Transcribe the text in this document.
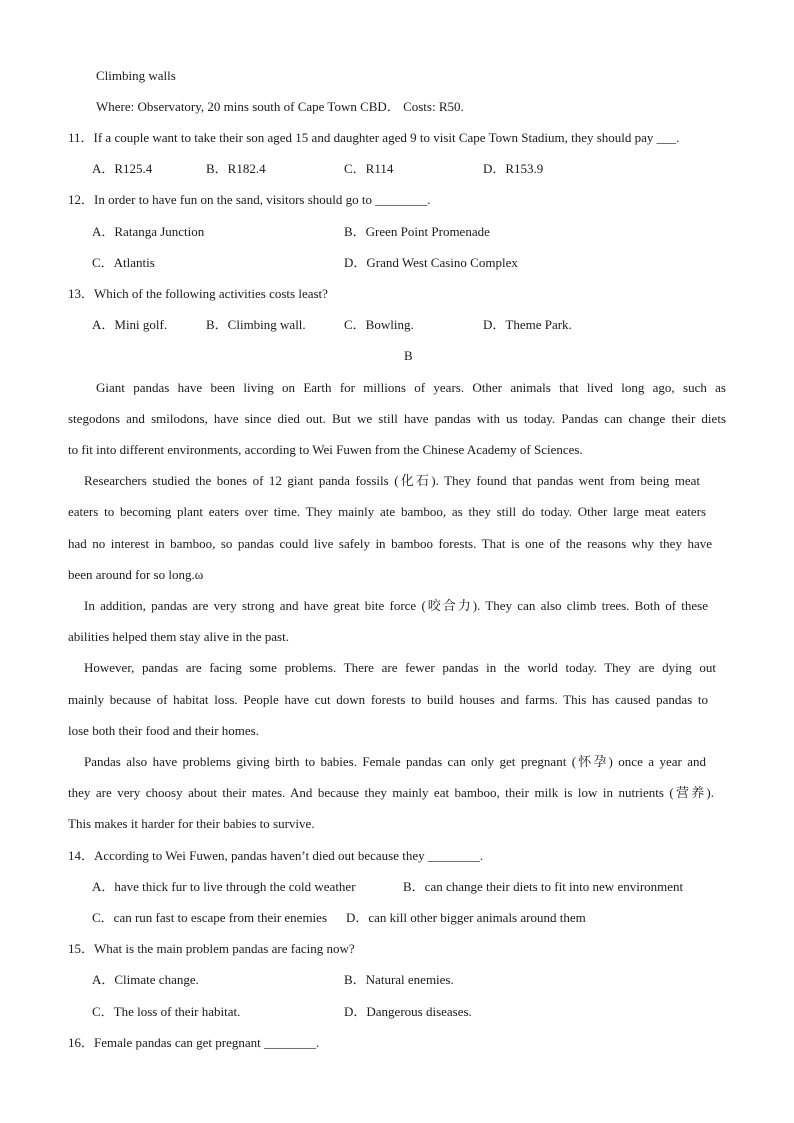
Climbing walls
Where: Observatory, 20 mins south of Cape Town CBD． Costs: R50.
11．If a couple want to take their son aged 15 and daughter aged 9 to visit Cape Town Stadium, they should pay ___.
A．R125.4	B．R182.4	C．R114	D．R153.9
12．In order to have fun on the sand, visitors should go to ________.
A．Ratanga Junction	B．Green Point Promenade
C．Atlantis	D．Grand West Casino Complex
13．Which of the following activities costs least?
A．Mini golf.	B．Climbing wall.	C．Bowling.	D．Theme Park.
B
Giant pandas have been living on Earth for millions of years. Other animals that lived long ago, such as
stegodons and smilodons, have since died out. But we still have pandas with us today. Pandas can change their diets
to fit into different environments, according to Wei Fuwen from the Chinese Academy of Sciences.
Researchers studied the bones of 12 giant panda fossils (化石). They found that pandas went from being meat
eaters to becoming plant eaters over time. They mainly ate bamboo, as they still do today. Other large meat eaters
had no interest in bamboo, so pandas could live safely in bamboo forests. That is one of the reasons why they have
been around for so long.ω
In addition, pandas are very strong and have great bite force (咬合力). They can also climb trees. Both of these
abilities helped them stay alive in the past.
However, pandas are facing some problems. There are fewer pandas in the world today. They are dying out
mainly because of habitat loss. People have cut down forests to build houses and farms. This has caused pandas to
lose both their food and their homes.
Pandas also have problems giving birth to babies. Female pandas can only get pregnant (怀孕) once a year and
they are very choosy about their mates. And because they mainly eat bamboo, their milk is low in nutrients (营养).
This makes it harder for their babies to survive.
14．According to Wei Fuwen, pandas haven’t died out because they ________.
A．have thick fur to live through the cold weather	B．can change their diets to fit into new environment
C．can run fast to escape from their enemies D．can kill other bigger animals around them
15．What is the main problem pandas are facing now?
A．Climate change.	B．Natural enemies.
C．The loss of their habitat.	D．Dangerous diseases.
16．Female pandas can get pregnant ________.
